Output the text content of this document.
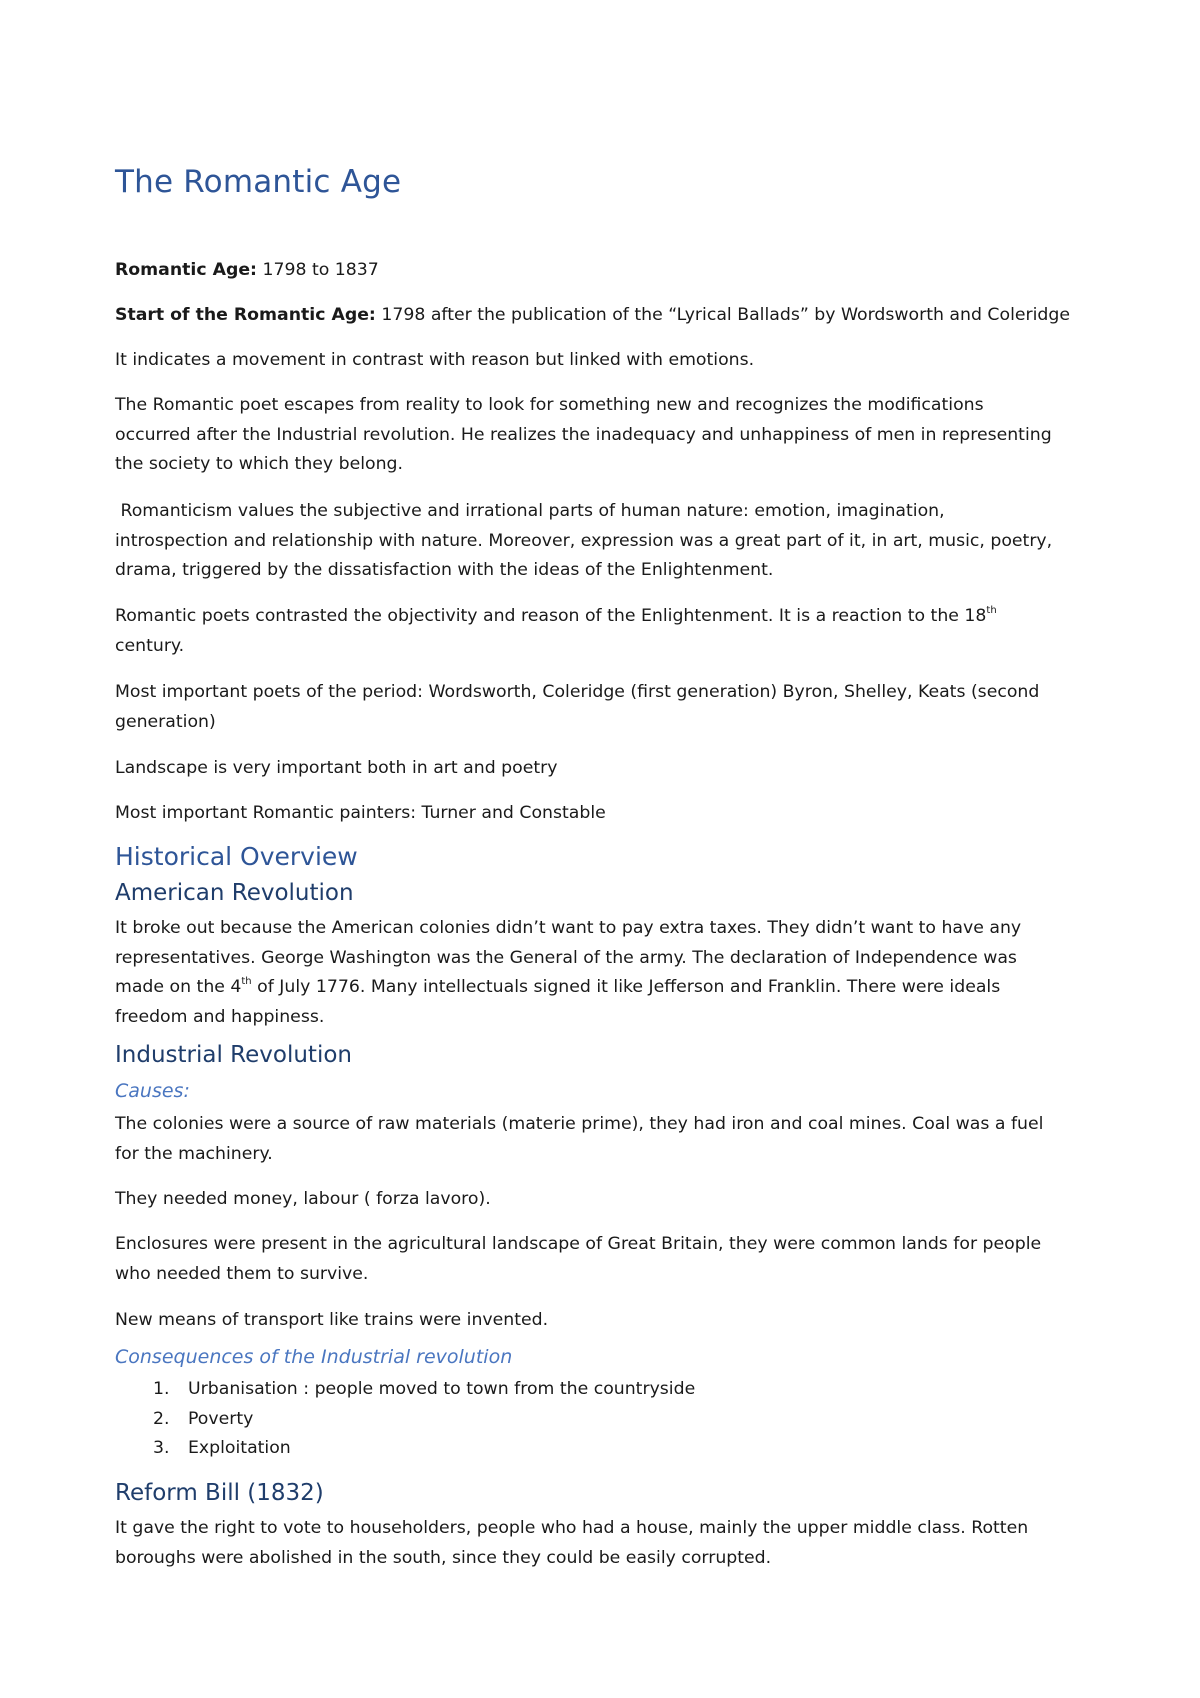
The Romantic Age

Romantic Age: 1798 to 1837

Start of the Romantic Age: 1798 after the publication of the “Lyrical Ballads” by Wordsworth and Coleridge

It indicates a movement in contrast with reason but linked with emotions.

The Romantic poet escapes from reality to look for something new and recognizes the modifications
occurred after the Industrial revolution. He realizes the inadequacy and unhappiness of men in representing
the society to which they belong.
Romanticism values the subjective and irrational parts of human nature: emotion, imagination,
introspection and relationship with nature. Moreover, expression was a great part of it, in art, music, poetry,
drama, triggered by the dissatisfaction with the ideas of the Enlightenment.
Romantic poets contrasted the objectivity and reason of the Enlightenment. It is a reaction to the 18th
century.
Most important poets of the period: Wordsworth, Coleridge (first generation) Byron, Shelley, Keats (second
generation)

Landscape is very important both in art and poetry

Most important Romantic painters: Turner and Constable

Historical Overview
American Revolution
It broke out because the American colonies didn’t want to pay extra taxes. They didn’t want to have any
representatives. George Washington was the General of the army. The declaration of Independence was
made on the 4th of July 1776. Many intellectuals signed it like Jefferson and Franklin. There were ideals
freedom and happiness.
Industrial Revolution
Causes:
The colonies were a source of raw materials (materie prime), they had iron and coal mines. Coal was a fuel
for the machinery.

They needed money, labour ( forza lavoro).

Enclosures were present in the agricultural landscape of Great Britain, they were common lands for people
who needed them to survive.

New means of transport like trains were invented.

Consequences of the Industrial revolution
1. Urbanisation : people moved to town from the countryside
2. Poverty
3. Exploitation
Reform Bill (1832)
It gave the right to vote to householders, people who had a house, mainly the upper middle class. Rotten
boroughs were abolished in the south, since they could be easily corrupted.
